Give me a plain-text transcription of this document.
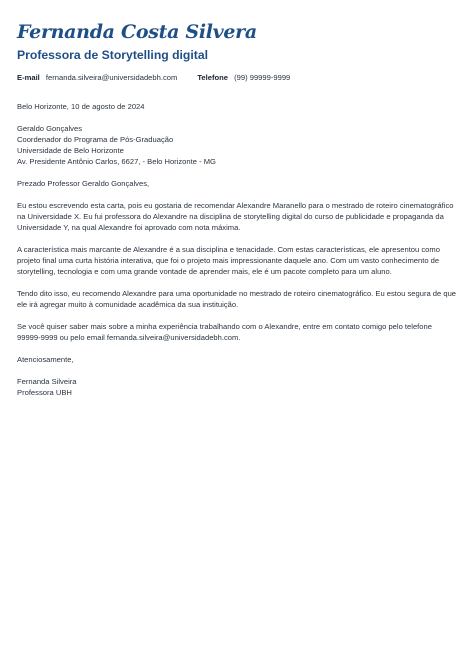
Fernanda Costa Silvera
Professora de Storytelling digital
E-mail fernanda.silveira@universidadebh.com	Telefone (99) 99999-9999

Belo Horizonte, 10 de agosto de 2024

Geraldo Gonçalves
Coordenador do Programa de Pós-Graduação
Universidade de Belo Horizonte
Av. Presidente Antônio Carlos, 6627, - Belo Horizonte - MG

Prezado Professor Geraldo Gonçalves,

Eu estou escrevendo esta carta, pois eu gostaria de recomendar Alexandre Maranello para o mestrado de roteiro cinematográfico na Universidade X. Eu fui professora do Alexandre na disciplina de storytelling digital do curso de publicidade e propaganda da Universidade Y, na qual Alexandre foi aprovado com nota máxima.

A característica mais marcante de Alexandre é a sua disciplina e tenacidade. Com estas características, ele apresentou como projeto final uma curta história interativa, que foi o projeto mais impressionante daquele ano. Com um vasto conhecimento de storytelling, tecnologia e com uma grande vontade de aprender mais, ele é um pacote completo para um aluno.

Tendo dito isso, eu recomendo Alexandre para uma oportunidade no mestrado de roteiro cinematográfico. Eu estou segura de que ele irá agregar muito à comunidade acadêmica da sua instituição.

Se você quiser saber mais sobre a minha experiência trabalhando com o Alexandre, entre em contato comigo pelo telefone 99999-9999 ou pelo email fernanda.silveira@universidadebh.com.

Atenciosamente,

Fernanda Silveira
Professora UBH
